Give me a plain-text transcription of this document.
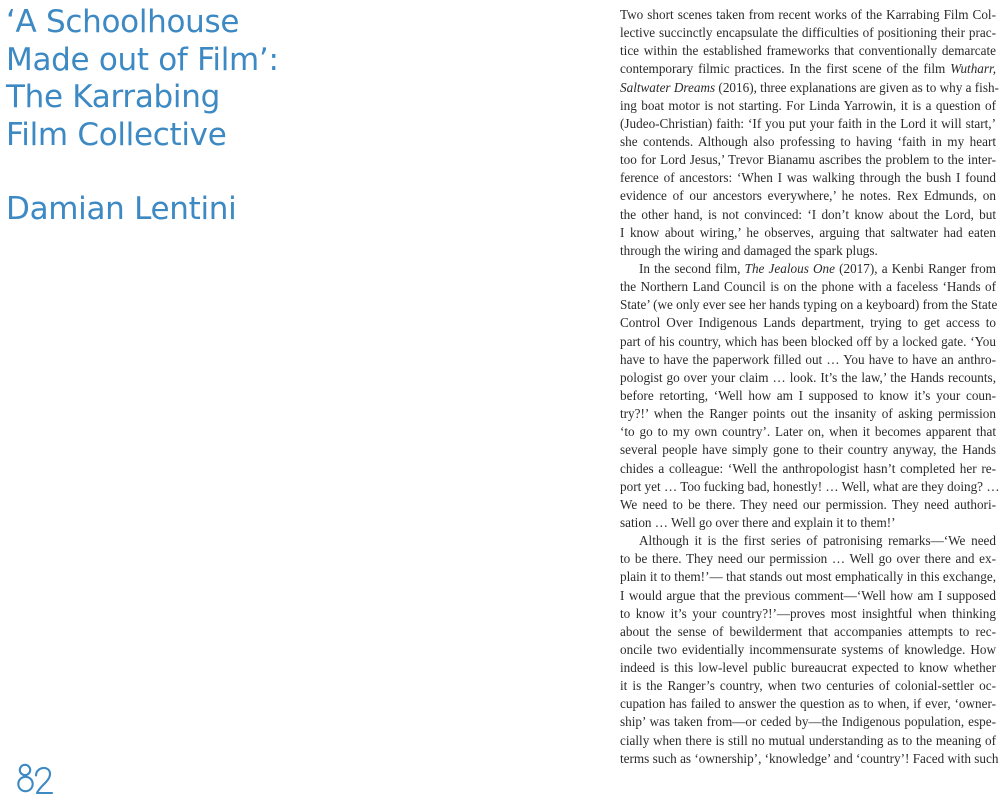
‘A Schoolhouse
Made out of Film’:
The Karrabing
Film Collective
Damian Lentini
Two short scenes taken from recent works of the Karrabing Film Col-
lective succinctly encapsulate the difficulties of positioning their prac-
tice within the established frameworks that conventionally demarcate
contemporary filmic practices. In the first scene of the film Wutharr,
Saltwater Dreams (2016), three explanations are given as to why a fish-
ing boat motor is not starting. For Linda Yarrowin, it is a question of
(Judeo-Christian) faith: ‘If you put your faith in the Lord it will start,’
she contends. Although also professing to having ‘faith in my heart
too for Lord Jesus,’ Trevor Bianamu ascribes the problem to the inter-
ference of ancestors: ‘When I was walking through the bush I found
evidence of our ancestors everywhere,’ he notes. Rex Edmunds, on
the other hand, is not convinced: ‘I don’t know about the Lord, but
I know about wiring,’ he observes, arguing that saltwater had eaten
through the wiring and damaged the spark plugs.
In the second film, The Jealous One (2017), a Kenbi Ranger from
the Northern Land Council is on the phone with a faceless ‘Hands of
State’ (we only ever see her hands typing on a keyboard) from the State
Control Over Indigenous Lands department, trying to get access to
part of his country, which has been blocked off by a locked gate. ‘You
have to have the paperwork filled out … You have to have an anthro-
pologist go over your claim … look. It’s the law,’ the Hands recounts,
before retorting, ‘Well how am I supposed to know it’s your coun-
try?!’ when the Ranger points out the insanity of asking permission
‘to go to my own country’. Later on, when it becomes apparent that
several people have simply gone to their country anyway, the Hands
chides a colleague: ‘Well the anthropologist hasn’t completed her re-
port yet … Too fucking bad, honestly! … Well, what are they doing? …
We need to be there. They need our permission. They need authori-
sation … Well go over there and explain it to them!’
Although it is the first series of patronising remarks—‘We need
to be there. They need our permission … Well go over there and ex-
plain it to them!’— that stands out most emphatically in this exchange,
I would argue that the previous comment—‘Well how am I supposed
to know it’s your country?!’—proves most insightful when thinking
about the sense of bewilderment that accompanies attempts to rec-
oncile two evidentially incommensurate systems of knowledge. How
indeed is this low-level public bureaucrat expected to know whether
it is the Ranger’s country, when two centuries of colonial-settler oc-
cupation has failed to answer the question as to when, if ever, ‘owner-
ship’ was taken from—or ceded by—the Indigenous population, espe-
cially when there is still no mutual understanding as to the meaning of
terms such as ‘ownership’, ‘knowledge’ and ‘country’! Faced with such
